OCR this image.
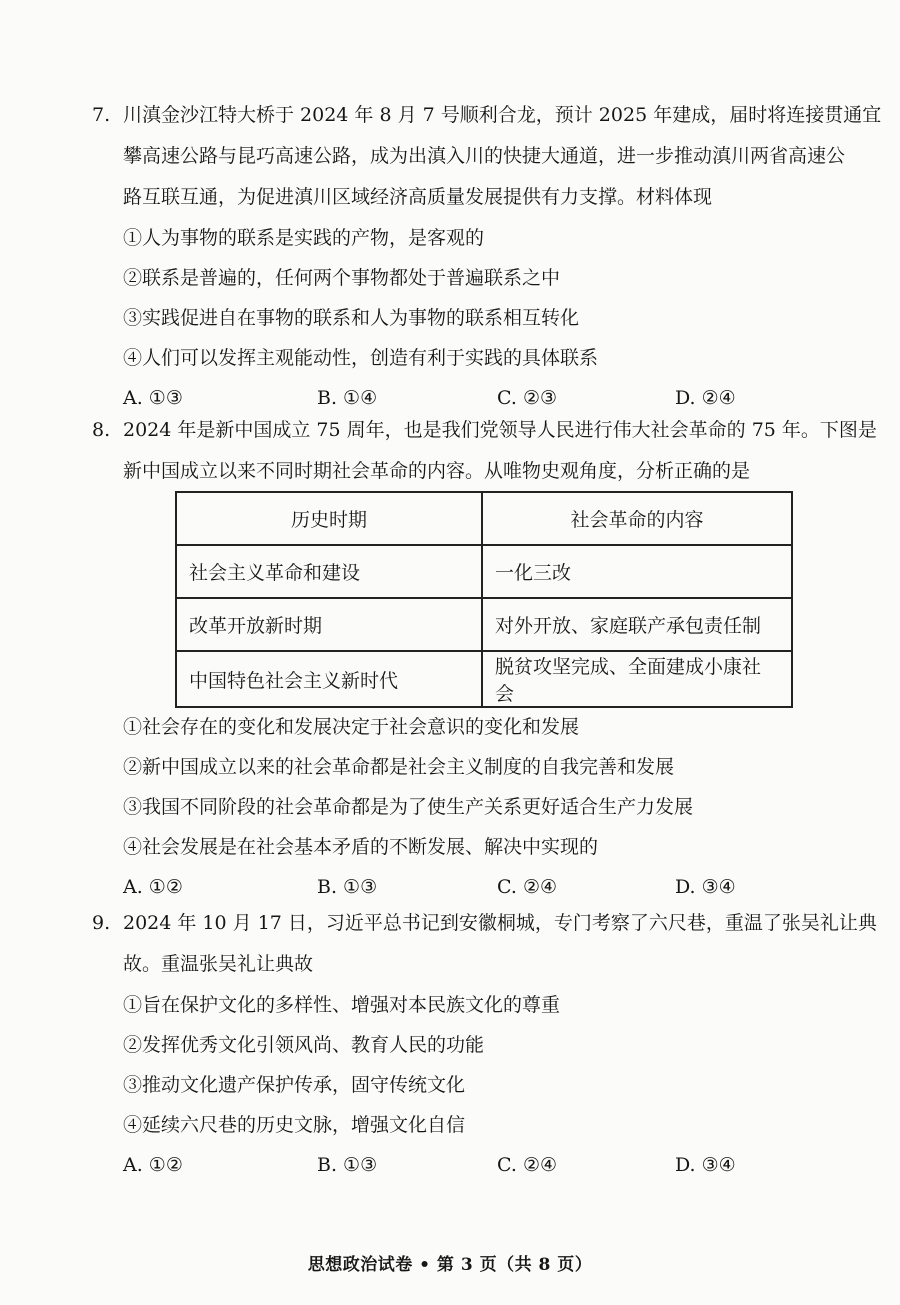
7. 川滇金沙江特大桥于 2024 年 8 月 7 号顺利合龙，预计 2025 年建成，届时将连接贯通宜
攀高速公路与昆巧高速公路，成为出滇入川的快捷大通道，进一步推动滇川两省高速公
路互联互通，为促进滇川区域经济高质量发展提供有力支撑。材料体现
①人为事物的联系是实践的产物，是客观的
②联系是普遍的，任何两个事物都处于普遍联系之中
③实践促进自在事物的联系和人为事物的联系相互转化
④人们可以发挥主观能动性，创造有利于实践的具体联系
A. ①③	B. ①④	C. ②③	D. ②④
8. 2024 年是新中国成立 75 周年，也是我们党领导人民进行伟大社会革命的 75 年。下图是
新中国成立以来不同时期社会革命的内容。从唯物史观角度，分析正确的是
历史时期	社会革命的内容
社会主义革命和建设	一化三改
改革开放新时期	对外开放、家庭联产承包责任制
中国特色社会主义新时代	脱贫攻坚完成、全面建成小康社会
①社会存在的变化和发展决定于社会意识的变化和发展
②新中国成立以来的社会革命都是社会主义制度的自我完善和发展
③我国不同阶段的社会革命都是为了使生产关系更好适合生产力发展
④社会发展是在社会基本矛盾的不断发展、解决中实现的
A. ①②	B. ①③	C. ②④	D. ③④
9. 2024 年 10 月 17 日，习近平总书记到安徽桐城，专门考察了六尺巷，重温了张吴礼让典
故。重温张吴礼让典故
①旨在保护文化的多样性、增强对本民族文化的尊重
②发挥优秀文化引领风尚、教育人民的功能
③推动文化遗产保护传承，固守传统文化
④延续六尺巷的历史文脉，增强文化自信
A. ①②	B. ①③	C. ②④	D. ③④
思想政治试卷 • 第 3 页（共 8 页）
